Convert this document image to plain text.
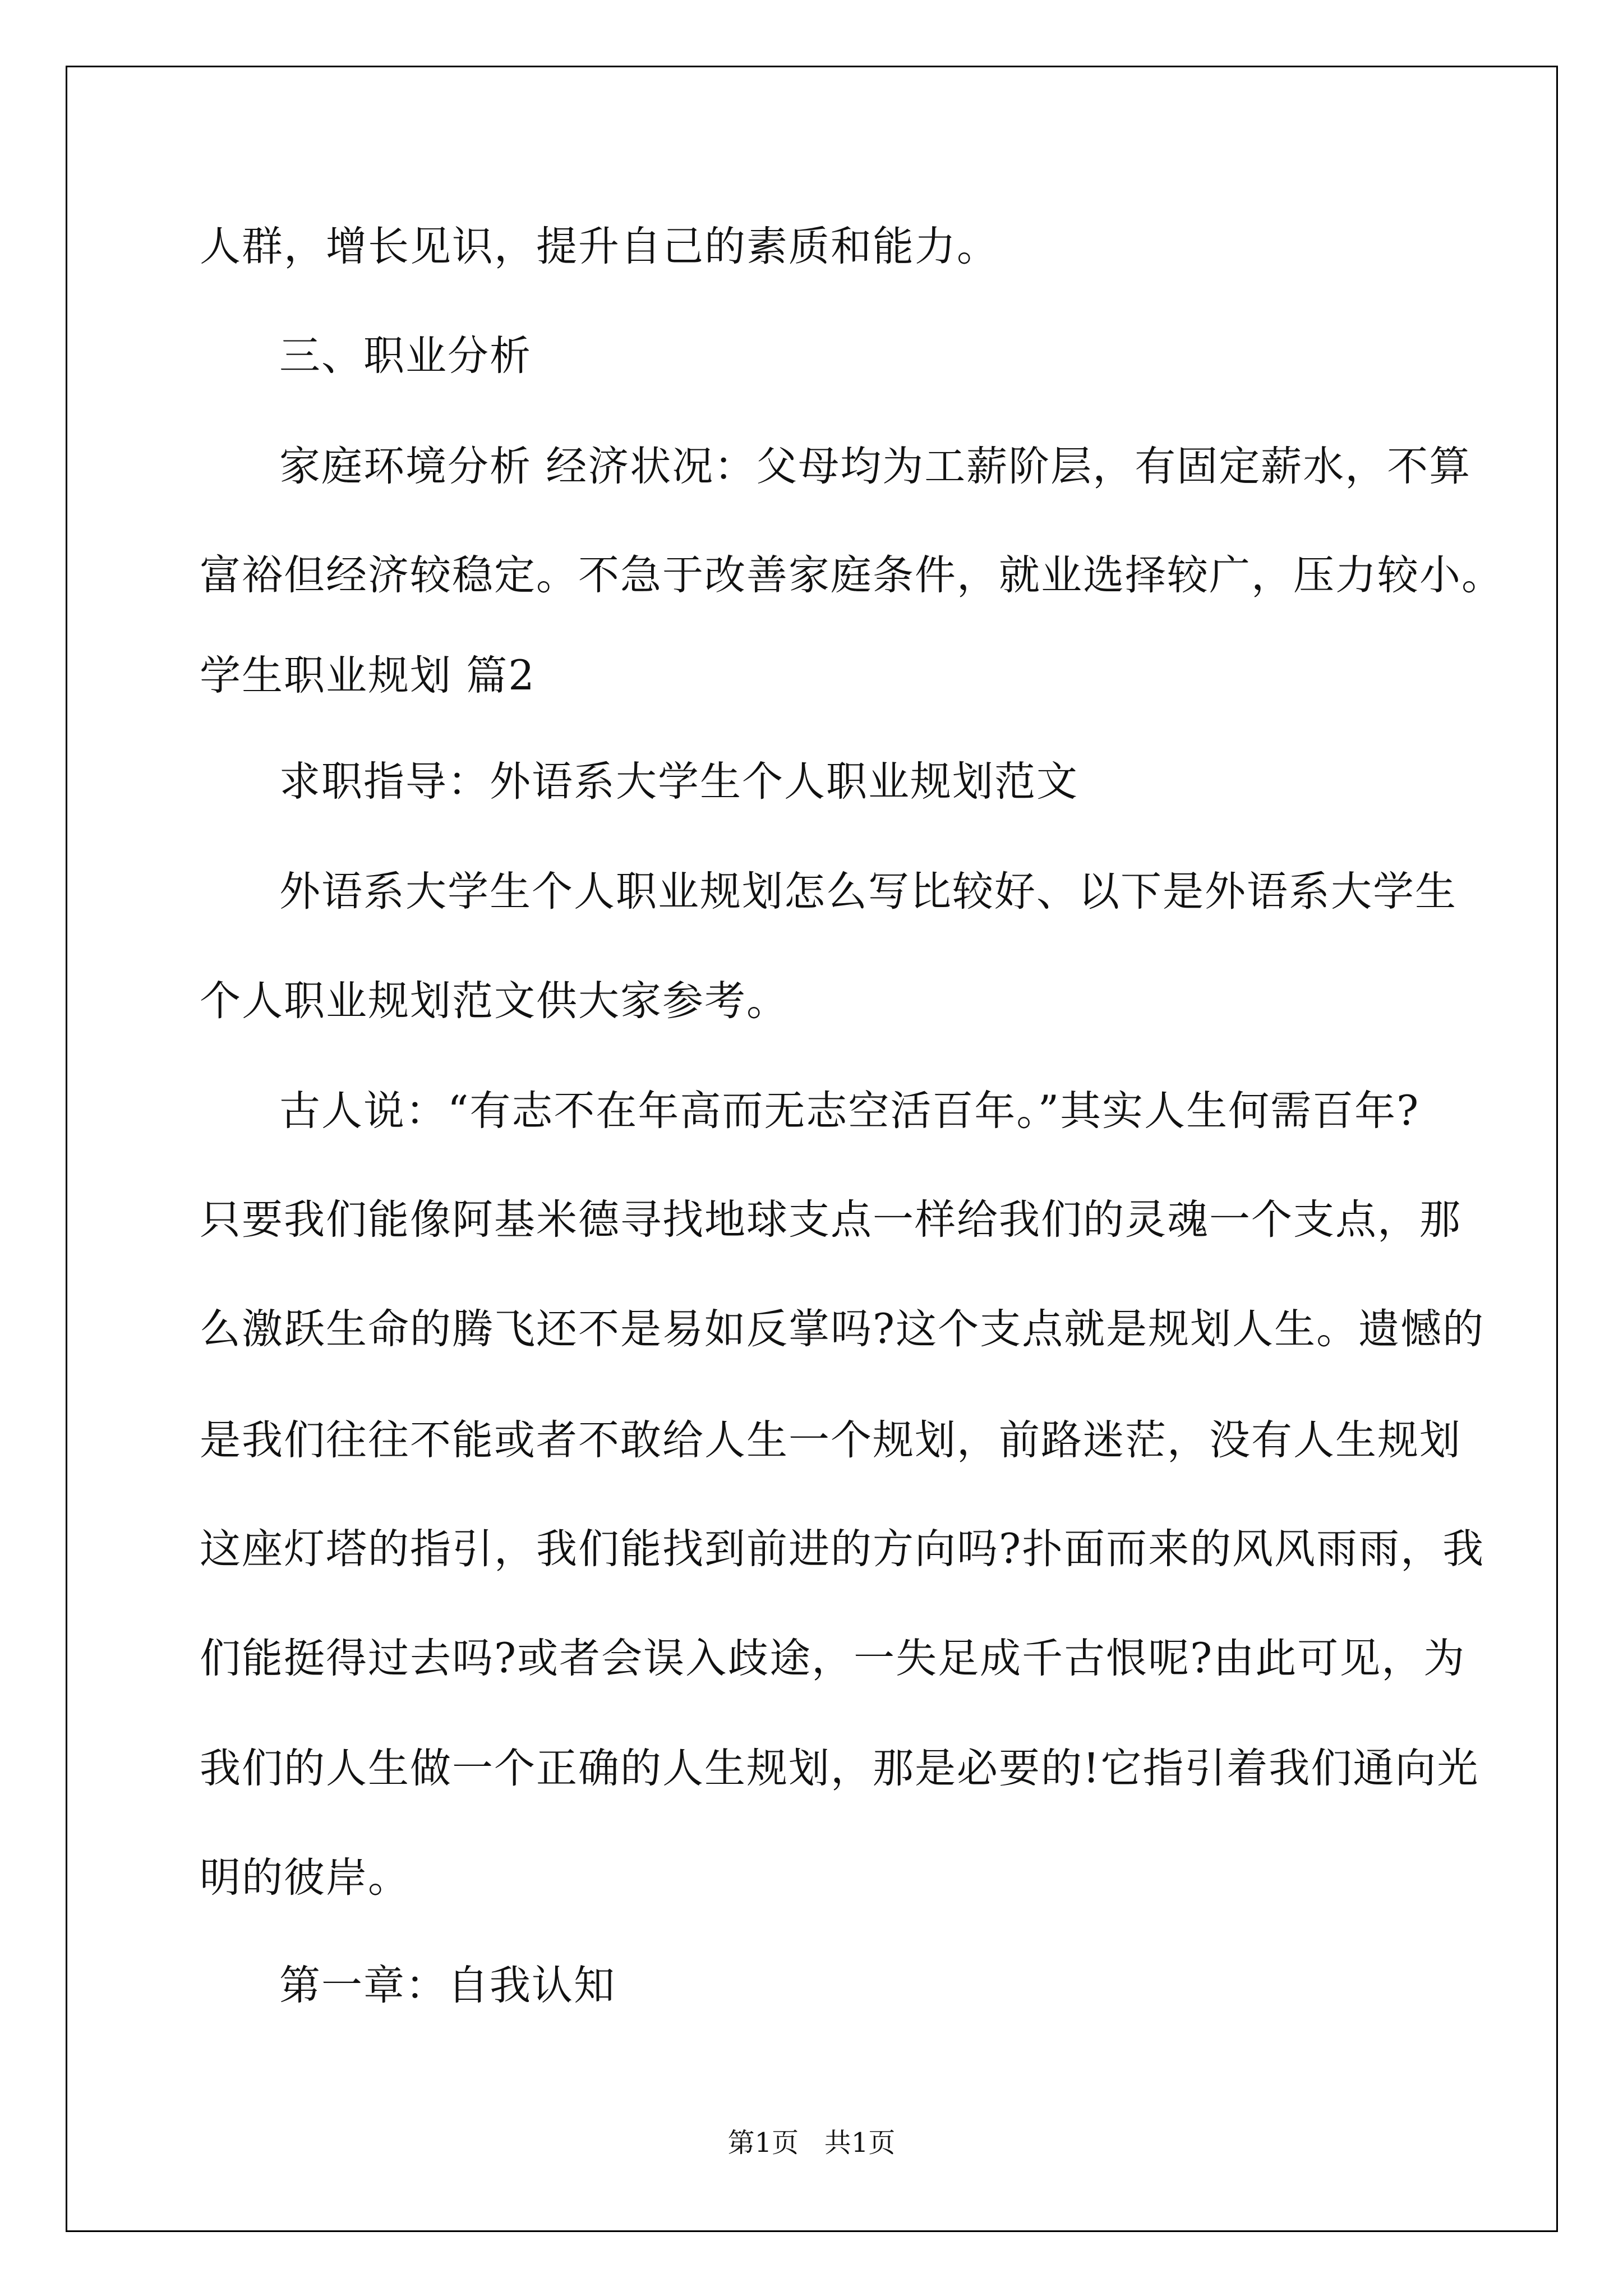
人群，增长见识，提升自己的素质和能力。
三、职业分析
家庭环境分析 经济状况：父母均为工薪阶层，有固定薪水，不算
富裕但经济较稳定。不急于改善家庭条件，就业选择较广，压力较小。
学生职业规划 篇2
求职指导：外语系大学生个人职业规划范文
外语系大学生个人职业规划怎么写比较好、以下是外语系大学生
个人职业规划范文供大家参考。
古人说：“有志不在年高而无志空活百年。”其实人生何需百年?
只要我们能像阿基米德寻找地球支点一样给我们的灵魂一个支点，那
么激跃生命的腾飞还不是易如反掌吗?这个支点就是规划人生。遗憾的
是我们往往不能或者不敢给人生一个规划，前路迷茫，没有人生规划
这座灯塔的指引，我们能找到前进的方向吗?扑面而来的风风雨雨，我
们能挺得过去吗?或者会误入歧途，一失足成千古恨呢?由此可见，为
我们的人生做一个正确的人生规划，那是必要的!它指引着我们通向光
明的彼岸。
第一章：自我认知
第1页   共1页
